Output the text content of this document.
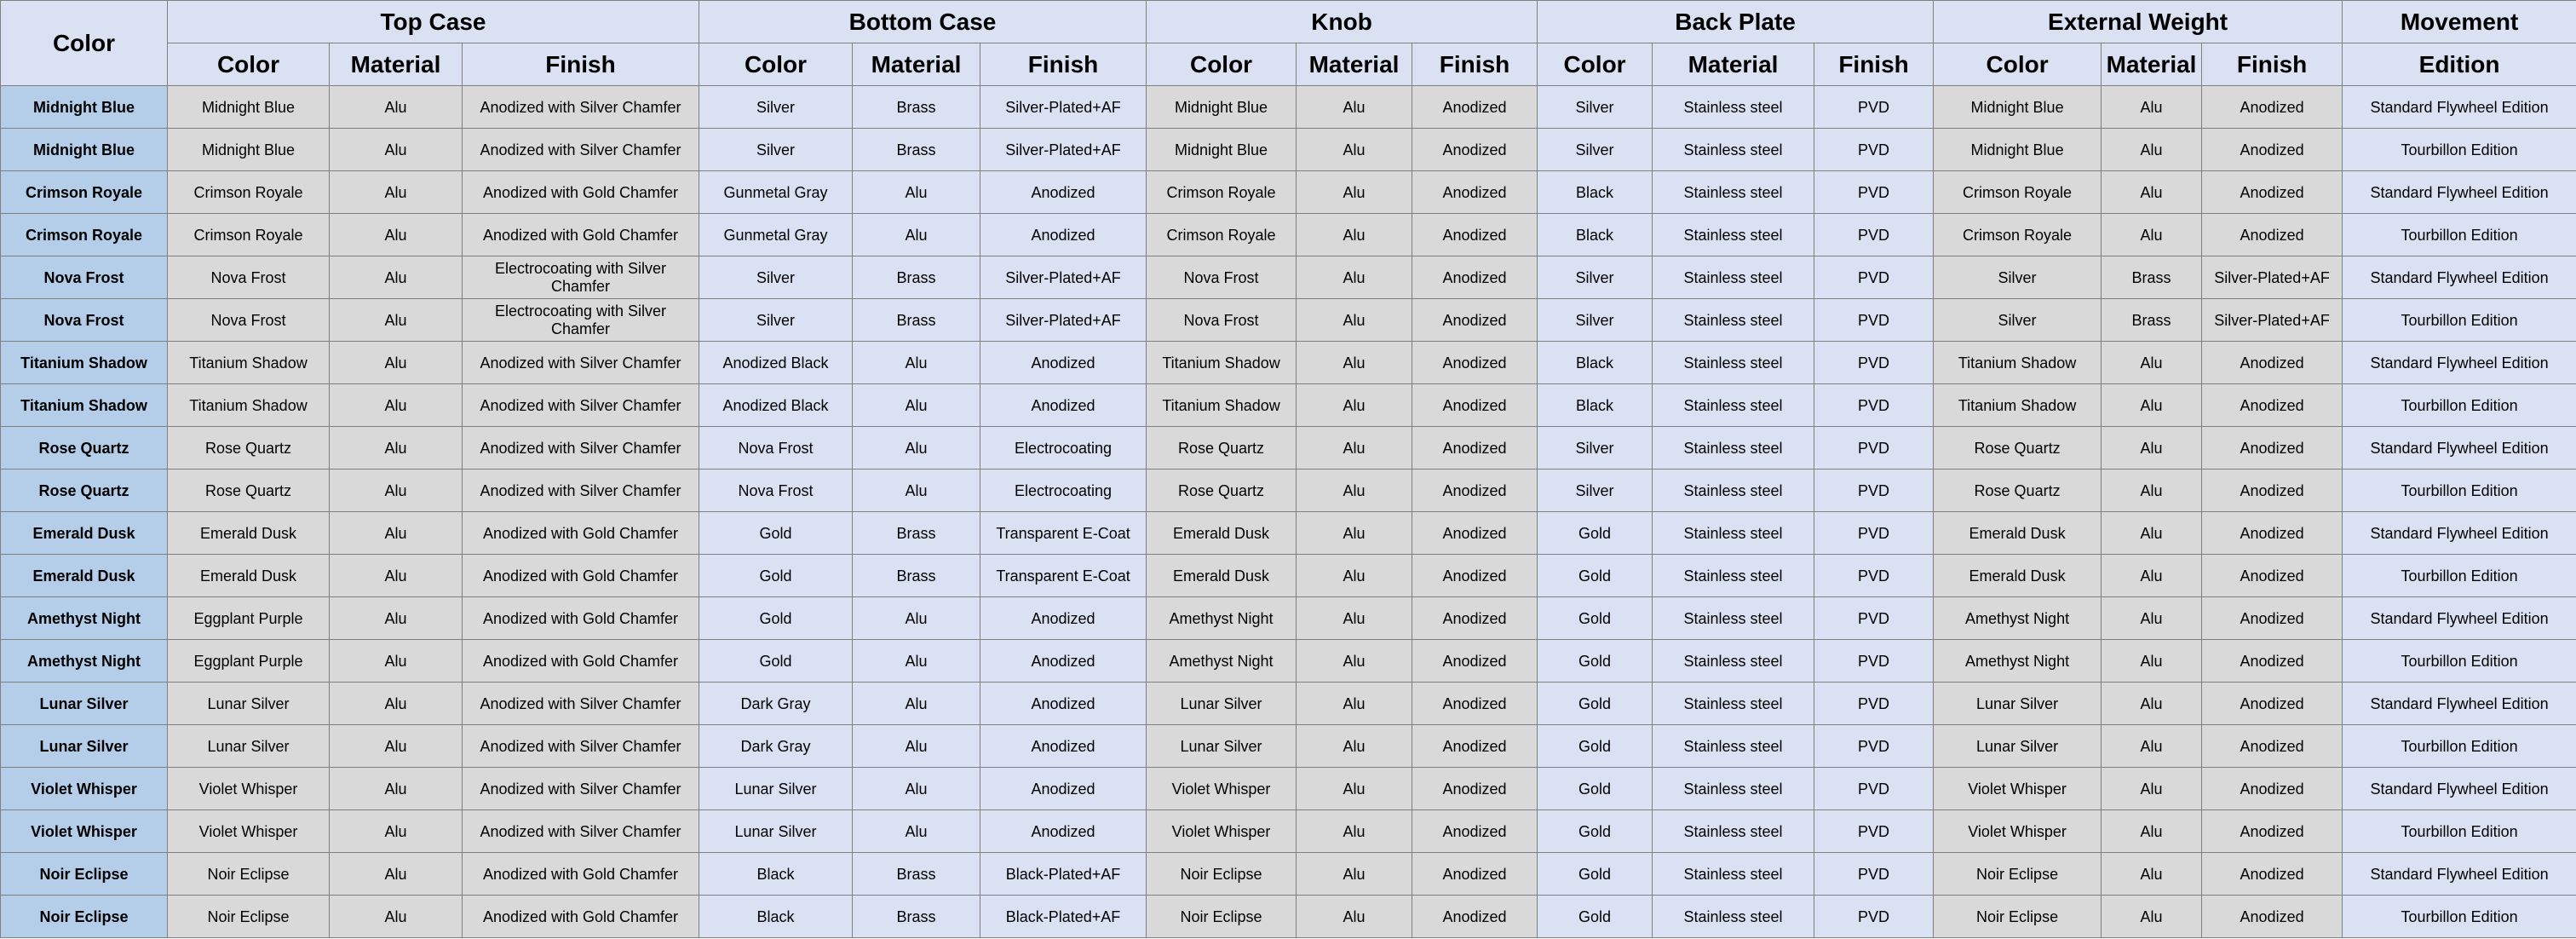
Color	Top Case			Bottom Case			Knob			Back Plate			External Weight			Movement
	Color	Material	Finish	Color	Material	Finish	Color	Material	Finish	Color	Material	Finish	Color	Material	Finish	Edition
Midnight Blue	Midnight Blue	Alu	Anodized with Silver Chamfer	Silver	Brass	Silver-Plated+AF	Midnight Blue	Alu	Anodized	Silver	Stainless steel	PVD	Midnight Blue	Alu	Anodized	Standard Flywheel Edition
Midnight Blue	Midnight Blue	Alu	Anodized with Silver Chamfer	Silver	Brass	Silver-Plated+AF	Midnight Blue	Alu	Anodized	Silver	Stainless steel	PVD	Midnight Blue	Alu	Anodized	Tourbillon Edition
Crimson Royale	Crimson Royale	Alu	Anodized with Gold Chamfer	Gunmetal Gray	Alu	Anodized	Crimson Royale	Alu	Anodized	Black	Stainless steel	PVD	Crimson Royale	Alu	Anodized	Standard Flywheel Edition
Crimson Royale	Crimson Royale	Alu	Anodized with Gold Chamfer	Gunmetal Gray	Alu	Anodized	Crimson Royale	Alu	Anodized	Black	Stainless steel	PVD	Crimson Royale	Alu	Anodized	Tourbillon Edition
Nova Frost	Nova Frost	Alu	Electrocoating with Silver Chamfer	Silver	Brass	Silver-Plated+AF	Nova Frost	Alu	Anodized	Silver	Stainless steel	PVD	Silver	Brass	Silver-Plated+AF	Standard Flywheel Edition
Nova Frost	Nova Frost	Alu	Electrocoating with Silver Chamfer	Silver	Brass	Silver-Plated+AF	Nova Frost	Alu	Anodized	Silver	Stainless steel	PVD	Silver	Brass	Silver-Plated+AF	Tourbillon Edition
Titanium Shadow	Titanium Shadow	Alu	Anodized with Silver Chamfer	Anodized Black	Alu	Anodized	Titanium Shadow	Alu	Anodized	Black	Stainless steel	PVD	Titanium Shadow	Alu	Anodized	Standard Flywheel Edition
Titanium Shadow	Titanium Shadow	Alu	Anodized with Silver Chamfer	Anodized Black	Alu	Anodized	Titanium Shadow	Alu	Anodized	Black	Stainless steel	PVD	Titanium Shadow	Alu	Anodized	Tourbillon Edition
Rose Quartz	Rose Quartz	Alu	Anodized with Silver Chamfer	Nova Frost	Alu	Electrocoating	Rose Quartz	Alu	Anodized	Silver	Stainless steel	PVD	Rose Quartz	Alu	Anodized	Standard Flywheel Edition
Rose Quartz	Rose Quartz	Alu	Anodized with Silver Chamfer	Nova Frost	Alu	Electrocoating	Rose Quartz	Alu	Anodized	Silver	Stainless steel	PVD	Rose Quartz	Alu	Anodized	Tourbillon Edition
Emerald Dusk	Emerald Dusk	Alu	Anodized with Gold Chamfer	Gold	Brass	Transparent E-Coat	Emerald Dusk	Alu	Anodized	Gold	Stainless steel	PVD	Emerald Dusk	Alu	Anodized	Standard Flywheel Edition
Emerald Dusk	Emerald Dusk	Alu	Anodized with Gold Chamfer	Gold	Brass	Transparent E-Coat	Emerald Dusk	Alu	Anodized	Gold	Stainless steel	PVD	Emerald Dusk	Alu	Anodized	Tourbillon Edition
Amethyst Night	Eggplant Purple	Alu	Anodized with Gold Chamfer	Gold	Alu	Anodized	Amethyst Night	Alu	Anodized	Gold	Stainless steel	PVD	Amethyst Night	Alu	Anodized	Standard Flywheel Edition
Amethyst Night	Eggplant Purple	Alu	Anodized with Gold Chamfer	Gold	Alu	Anodized	Amethyst Night	Alu	Anodized	Gold	Stainless steel	PVD	Amethyst Night	Alu	Anodized	Tourbillon Edition
Lunar Silver	Lunar Silver	Alu	Anodized with Silver Chamfer	Dark Gray	Alu	Anodized	Lunar Silver	Alu	Anodized	Gold	Stainless steel	PVD	Lunar Silver	Alu	Anodized	Standard Flywheel Edition
Lunar Silver	Lunar Silver	Alu	Anodized with Silver Chamfer	Dark Gray	Alu	Anodized	Lunar Silver	Alu	Anodized	Gold	Stainless steel	PVD	Lunar Silver	Alu	Anodized	Tourbillon Edition
Violet Whisper	Violet Whisper	Alu	Anodized with Silver Chamfer	Lunar Silver	Alu	Anodized	Violet Whisper	Alu	Anodized	Gold	Stainless steel	PVD	Violet Whisper	Alu	Anodized	Standard Flywheel Edition
Violet Whisper	Violet Whisper	Alu	Anodized with Silver Chamfer	Lunar Silver	Alu	Anodized	Violet Whisper	Alu	Anodized	Gold	Stainless steel	PVD	Violet Whisper	Alu	Anodized	Tourbillon Edition
Noir Eclipse	Noir Eclipse	Alu	Anodized with Gold Chamfer	Black	Brass	Black-Plated+AF	Noir Eclipse	Alu	Anodized	Gold	Stainless steel	PVD	Noir Eclipse	Alu	Anodized	Standard Flywheel Edition
Noir Eclipse	Noir Eclipse	Alu	Anodized with Gold Chamfer	Black	Brass	Black-Plated+AF	Noir Eclipse	Alu	Anodized	Gold	Stainless steel	PVD	Noir Eclipse	Alu	Anodized	Tourbillon Edition
